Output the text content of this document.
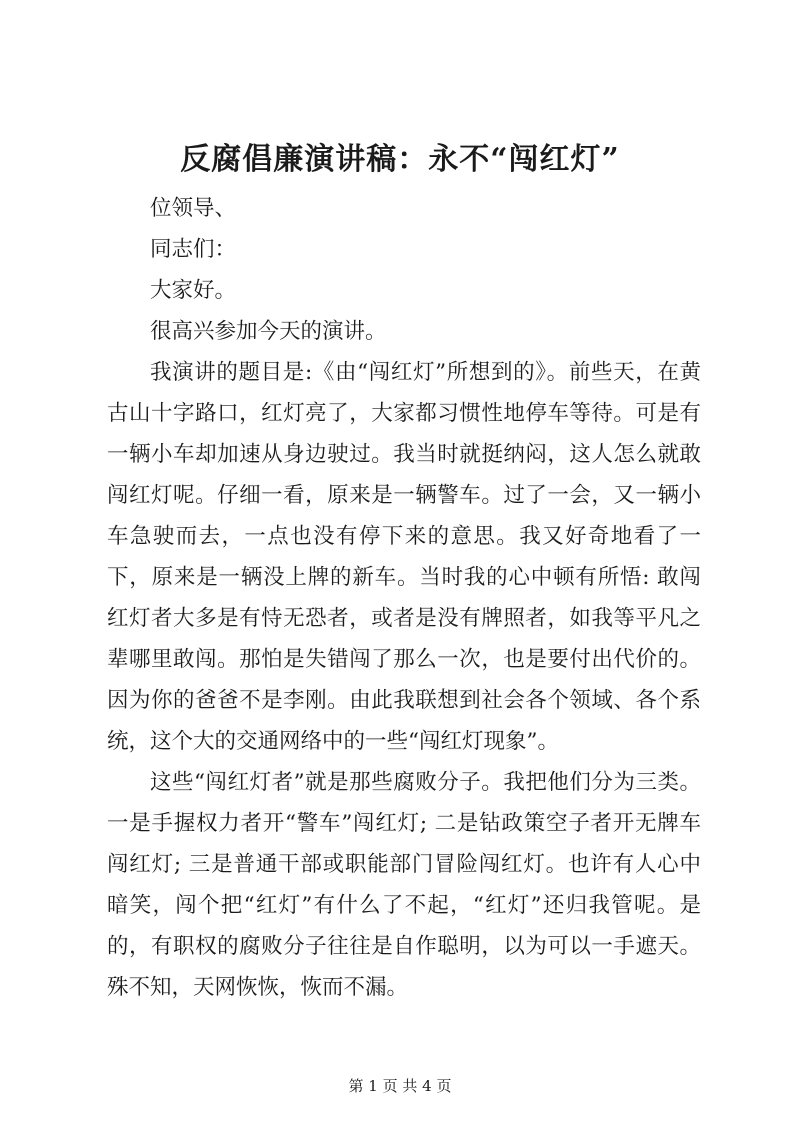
反腐倡廉演讲稿：永不“闯红灯”

位领导、

同志们：

大家好。

很高兴参加今天的演讲。

我演讲的题目是:《由“闯红灯”所想到的》。前些天，在黄古山十字路口，红灯亮了，大家都习惯性地停车等待。可是有一辆小车却加速从身边驶过。我当时就挺纳闷，这人怎么就敢闯红灯呢。仔细一看，原来是一辆警车。过了一会，又一辆小车急驶而去，一点也没有停下来的意思。我又好奇地看了一下，原来是一辆没上牌的新车。当时我的心中顿有所悟: 敢闯红灯者大多是有恃无恐者，或者是没有牌照者，如我等平凡之辈哪里敢闯。那怕是失错闯了那么一次，也是要付出代价的。因为你的爸爸不是李刚。由此我联想到社会各个领域、各个系统，这个大的交通网络中的一些“闯红灯现象”。

这些“闯红灯者”就是那些腐败分子。我把他们分为三类。一是手握权力者开“警车”闯红灯; 二是钻政策空子者开无牌车闯红灯; 三是普通干部或职能部门冒险闯红灯。也许有人心中暗笑，闯个把“红灯”有什么了不起，“红灯”还归我管呢。是的，有职权的腐败分子往往是自作聪明，以为可以一手遮天。殊不知，天网恢恢，恢而不漏。

第 1 页 共 4 页
